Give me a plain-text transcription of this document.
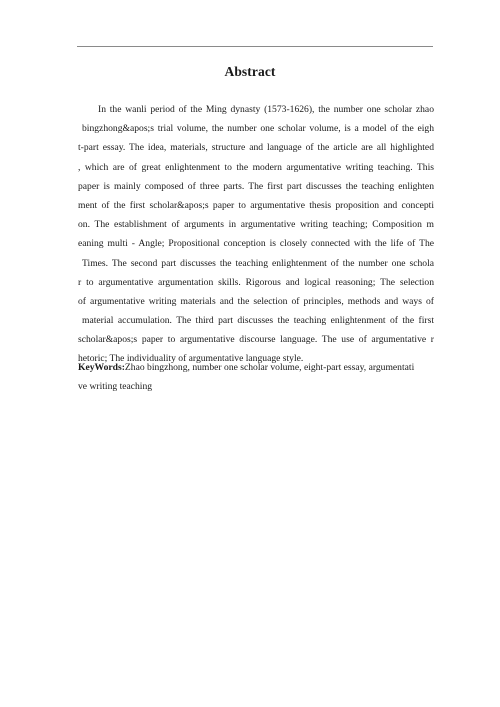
Abstract
In the wanli period of the Ming dynasty (1573-1626), the number one scholar zhao
bingzhong&apos;s trial volume, the number one scholar volume, is a model of the eigh
t-part essay. The idea, materials, structure and language of the article are all highlighted
, which are of great enlightenment to the modern argumentative writing teaching. This
paper is mainly composed of three parts. The first part discusses the teaching enlighten
ment of the first scholar&apos;s paper to argumentative thesis proposition and concepti
on. The establishment of arguments in argumentative writing teaching; Composition m
eaning multi - Angle; Propositional conception is closely connected with the life of The
Times. The second part discusses the teaching enlightenment of the number one schola
r to argumentative argumentation skills. Rigorous and logical reasoning; The selection
of argumentative writing materials and the selection of principles, methods and ways of
material accumulation. The third part discusses the teaching enlightenment of the first
scholar&apos;s paper to argumentative discourse language. The use of argumentative r
hetoric; The individuality of argumentative language style.
KeyWords:Zhao bingzhong, number one scholar volume, eight-part essay, argumentati
ve writing teaching
